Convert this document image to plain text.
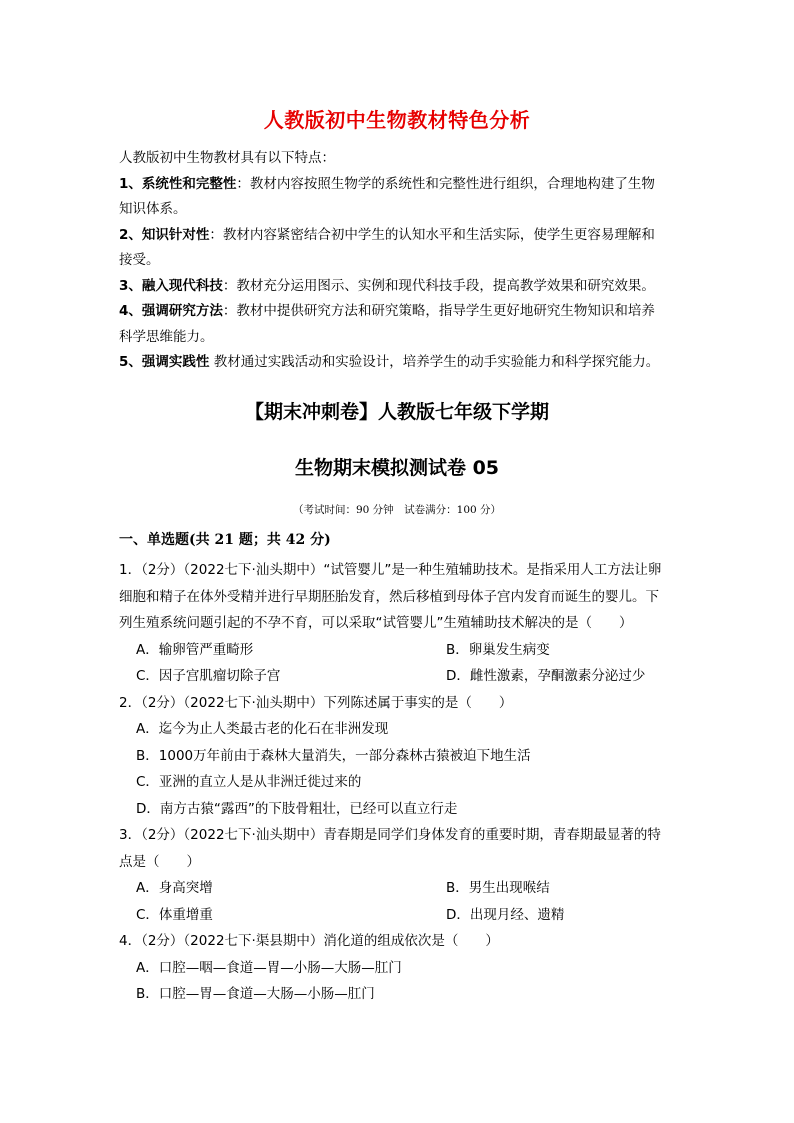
人教版初中生物教材特色分析

人教版初中生物教材具有以下特点：

1、系统性和完整性：教材内容按照生物学的系统性和完整性进行组织，合理地构建了生物

知识体系。

2、知识针对性：教材内容紧密结合初中学生的认知水平和生活实际，使学生更容易理解和

接受。

3、融入现代科技：教材充分运用图示、实例和现代科技手段，提高教学效果和研究效果。

4、强调研究方法：教材中提供研究方法和研究策略，指导学生更好地研究生物知识和培养

科学思维能力。

5、强调实践性 教材通过实践活动和实验设计，培养学生的动手实验能力和科学探究能力。

【期末冲刺卷】人教版七年级下学期
生物期末模拟测试卷 05
（考试时间：90 分钟　试卷满分：100 分）
一、单选题(共 21 题；共 42 分)

1．（2分）（2022七下·汕头期中）“试管婴儿”是一种生殖辅助技术。是指采用人工方法让卵

细胞和精子在体外受精并进行早期胚胎发育，然后移植到母体子宫内发育而诞生的婴儿。下

列生殖系统问题引起的不孕不育，可以采取“试管婴儿”生殖辅助技术解决的是（　　）

A．输卵管严重畸形	B．卵巢发生病变
C．因子宫肌瘤切除子宫	D．雌性激素，孕酮激素分泌过少

2．（2分）（2022七下·汕头期中）下列陈述属于事实的是（　　）

A．迄今为止人类最古老的化石在非洲发现

B．1000万年前由于森林大量消失，一部分森林古猿被迫下地生活

C．亚洲的直立人是从非洲迁徙过来的

D．南方古猿“露西”的下肢骨粗壮，已经可以直立行走

3．（2分）（2022七下·汕头期中）青春期是同学们身体发育的重要时期，青春期最显著的特

点是（　　）

A．身高突增	B．男生出现喉结
C．体重增重	D．出现月经、遗精

4．（2分）（2022七下·渠县期中）消化道的组成依次是（　　）

A．口腔—咽—食道—胃—小肠—大肠—肛门

B．口腔—胃—食道—大肠—小肠—肛门
